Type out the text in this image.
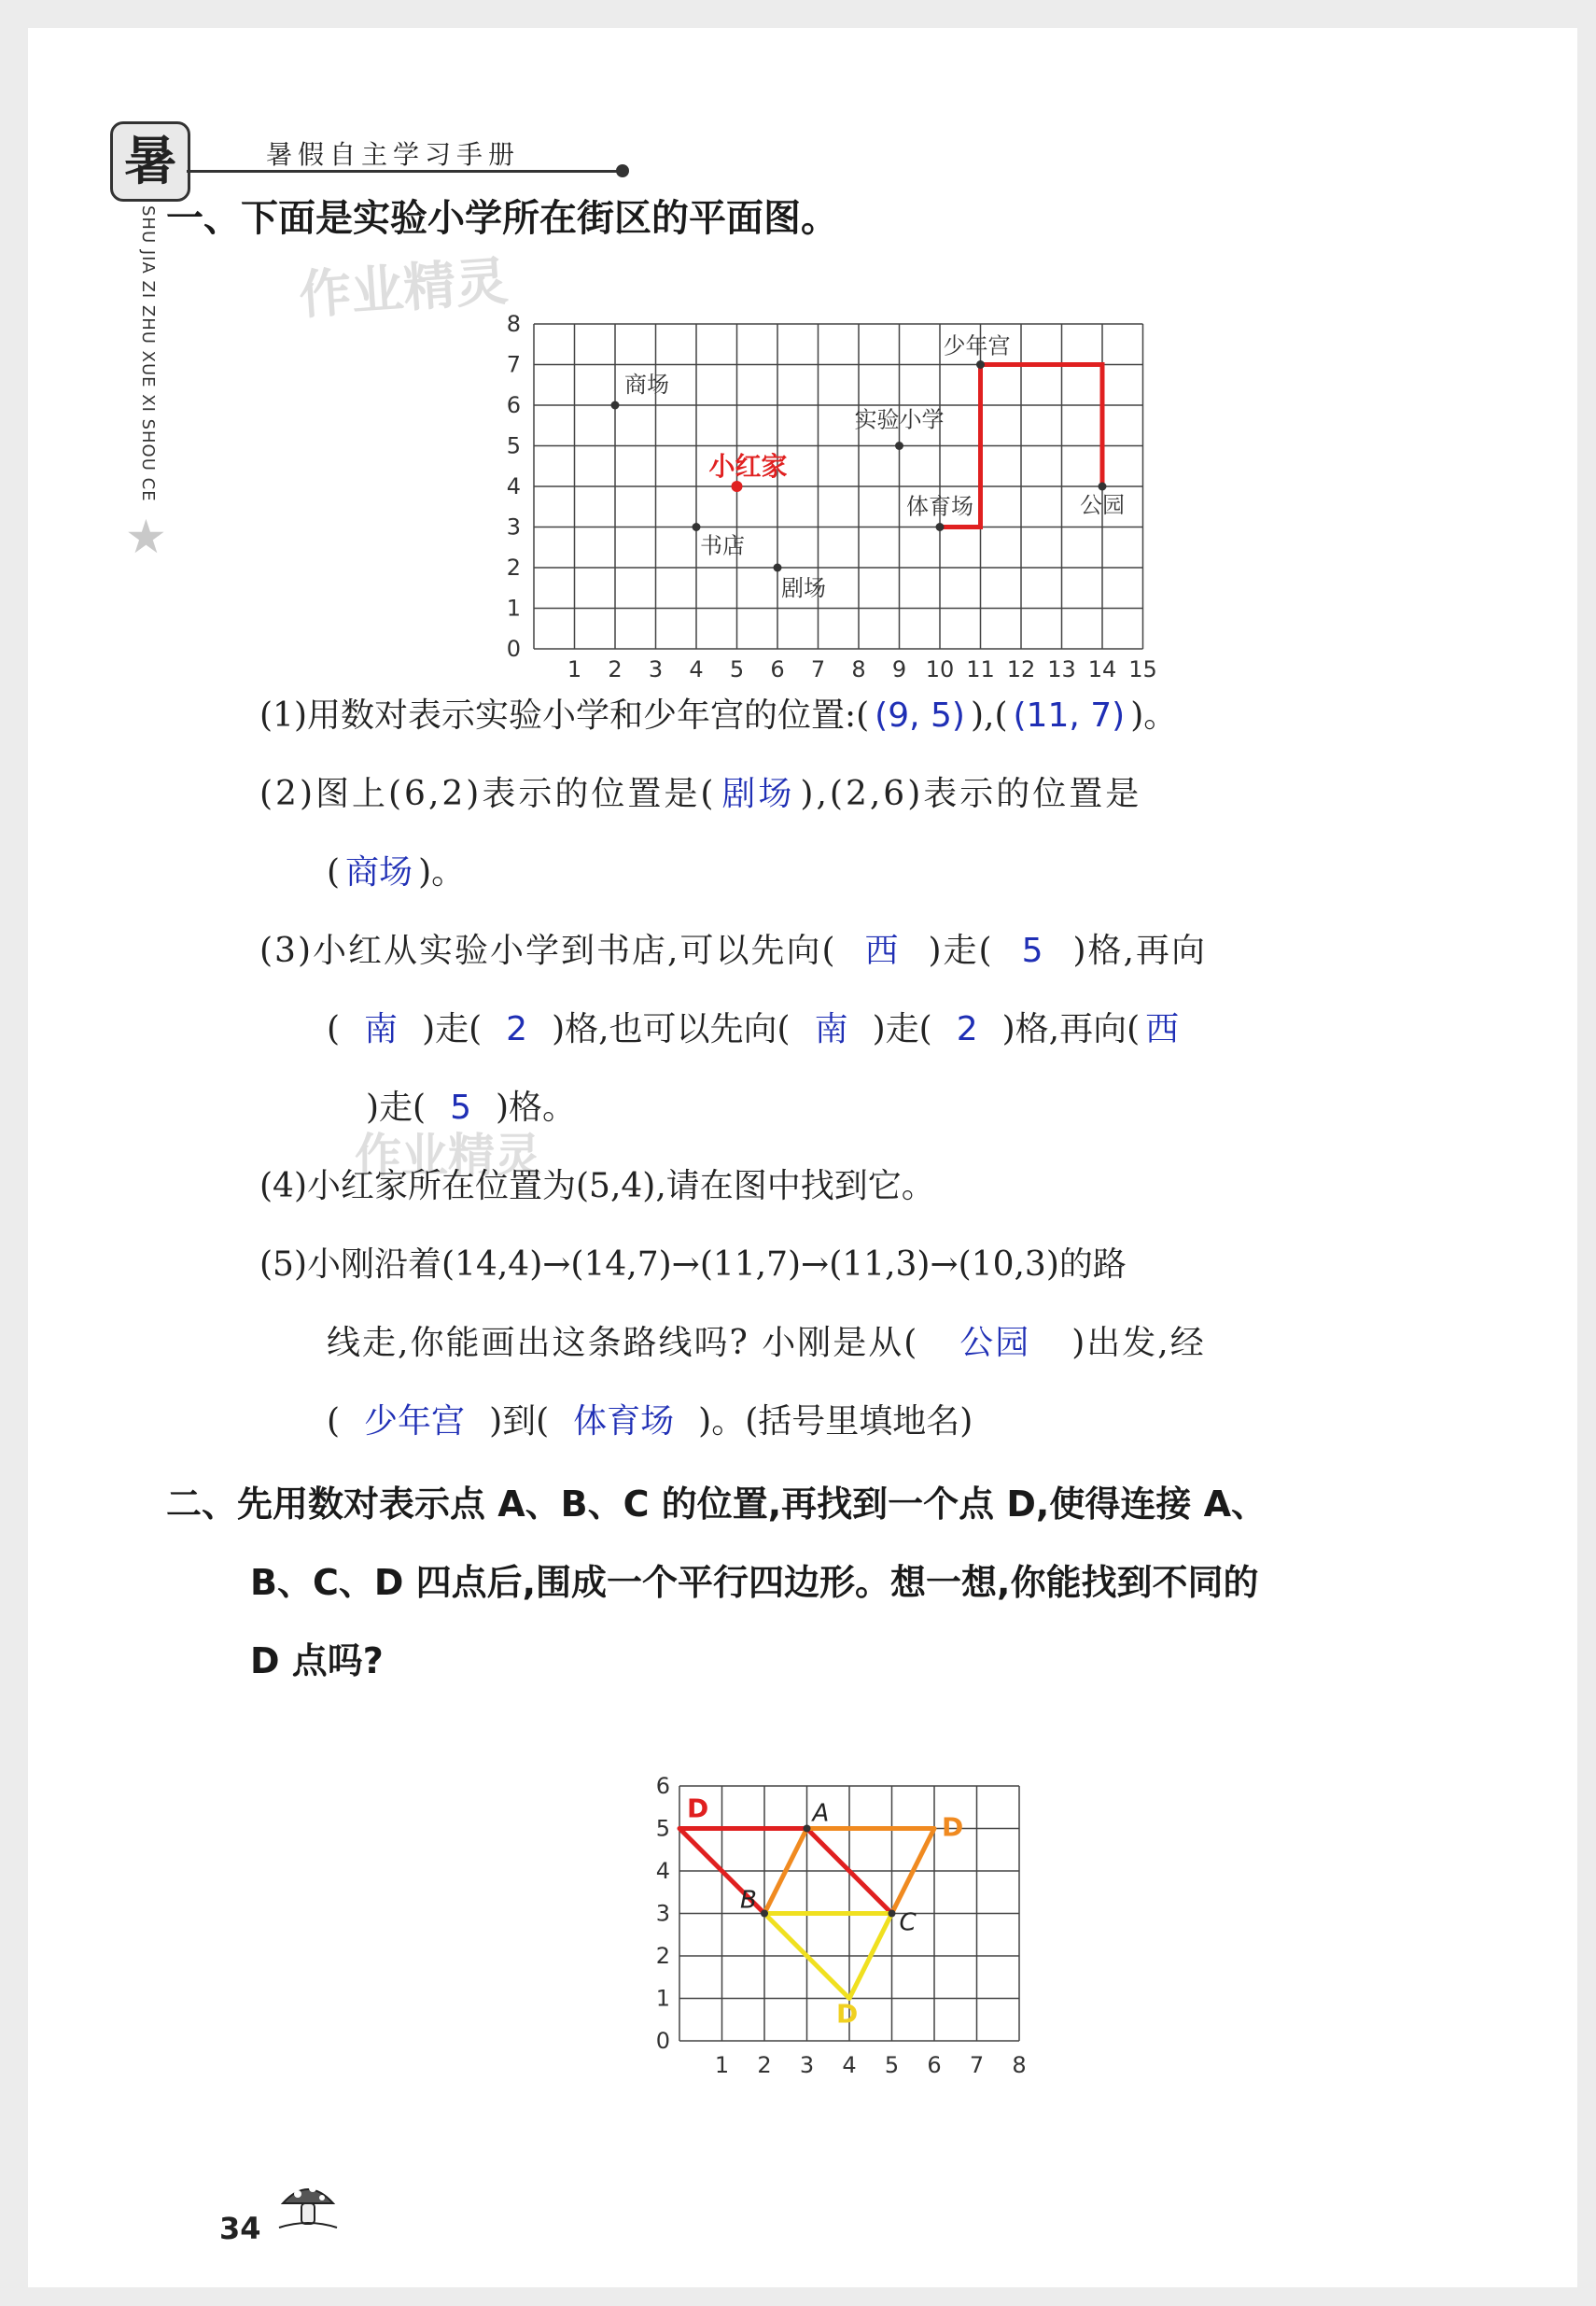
暑	暑假自主学习手册
SHU JIA ZI ZHU XUE XI SHOU CE
★
作业精灵
作业精灵
一、下面是实验小学所在街区的平面图。
0
1 2 3 4 5 6 7 8 9 10 11 12 13 14 15
1
2
3
4
5
6
7
8
商场
小红家
书店
剧场
实验小学
少年宫
体育场	公园
(1)用数对表示实验小学和少年宫的位置:( (9, 5) ),( (11, 7) )。
(2)图上(6,2)表示的位置是( 剧场 ),(2,6)表示的位置是
( 商场 )。
(3)小红从实验小学到书店,可以先向( 西 )走( 5 )格,再向
( 南 )走( 2 )格,也可以先向( 南 )走( 2 )格,再向( 西
)走( 5 )格。
(4)小红家所在位置为(5,4),请在图中找到它。
(5)小刚沿着(14,4)→(14,7)→(11,7)→(11,3)→(10,3)的路
线走,你能画出这条路线吗? 小刚是从( 公园 )出发,经
( 少年宫 )到( 体育场 )。(括号里填地名)
二、先用数对表示点 A、B、C 的位置,再找到一个点 D,使得连接 A、
B、C、D 四点后,围成一个平行四边形。想一想,你能找到不同的
D 点吗?
1 2 3 4 5 6 7 8
0
1
2
3
4
5
6
A
B
C
D
D
D
34
